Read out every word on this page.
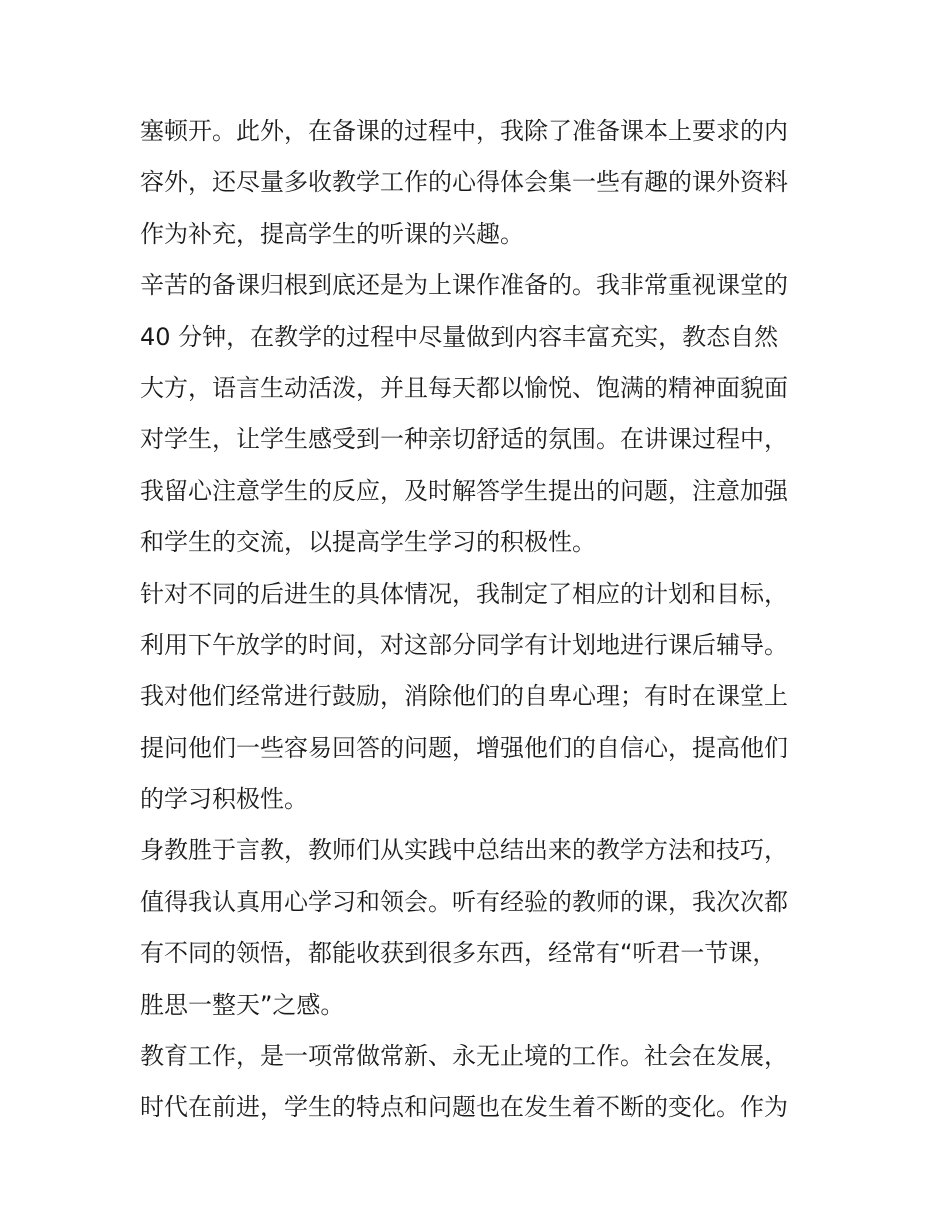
塞顿开。此外，在备课的过程中，我除了准备课本上要求的内
容外，还尽量多收教学工作的心得体会集一些有趣的课外资料
作为补充，提高学生的听课的兴趣。
辛苦的备课归根到底还是为上课作准备的。我非常重视课堂的
40 分钟，在教学的过程中尽量做到内容丰富充实，教态自然
大方，语言生动活泼，并且每天都以愉悦、饱满的精神面貌面
对学生，让学生感受到一种亲切舒适的氛围。在讲课过程中，
我留心注意学生的反应，及时解答学生提出的问题，注意加强
和学生的交流，以提高学生学习的积极性。
针对不同的后进生的具体情况，我制定了相应的计划和目标，
利用下午放学的时间，对这部分同学有计划地进行课后辅导。
我对他们经常进行鼓励，消除他们的自卑心理；有时在课堂上
提问他们一些容易回答的问题，增强他们的自信心，提高他们
的学习积极性。
身教胜于言教，教师们从实践中总结出来的教学方法和技巧，
值得我认真用心学习和领会。听有经验的教师的课，我次次都
有不同的领悟，都能收获到很多东西，经常有“听君一节课，
胜思一整天”之感。
教育工作，是一项常做常新、永无止境的工作。社会在发展，
时代在前进，学生的特点和问题也在发生着不断的变化。作为
